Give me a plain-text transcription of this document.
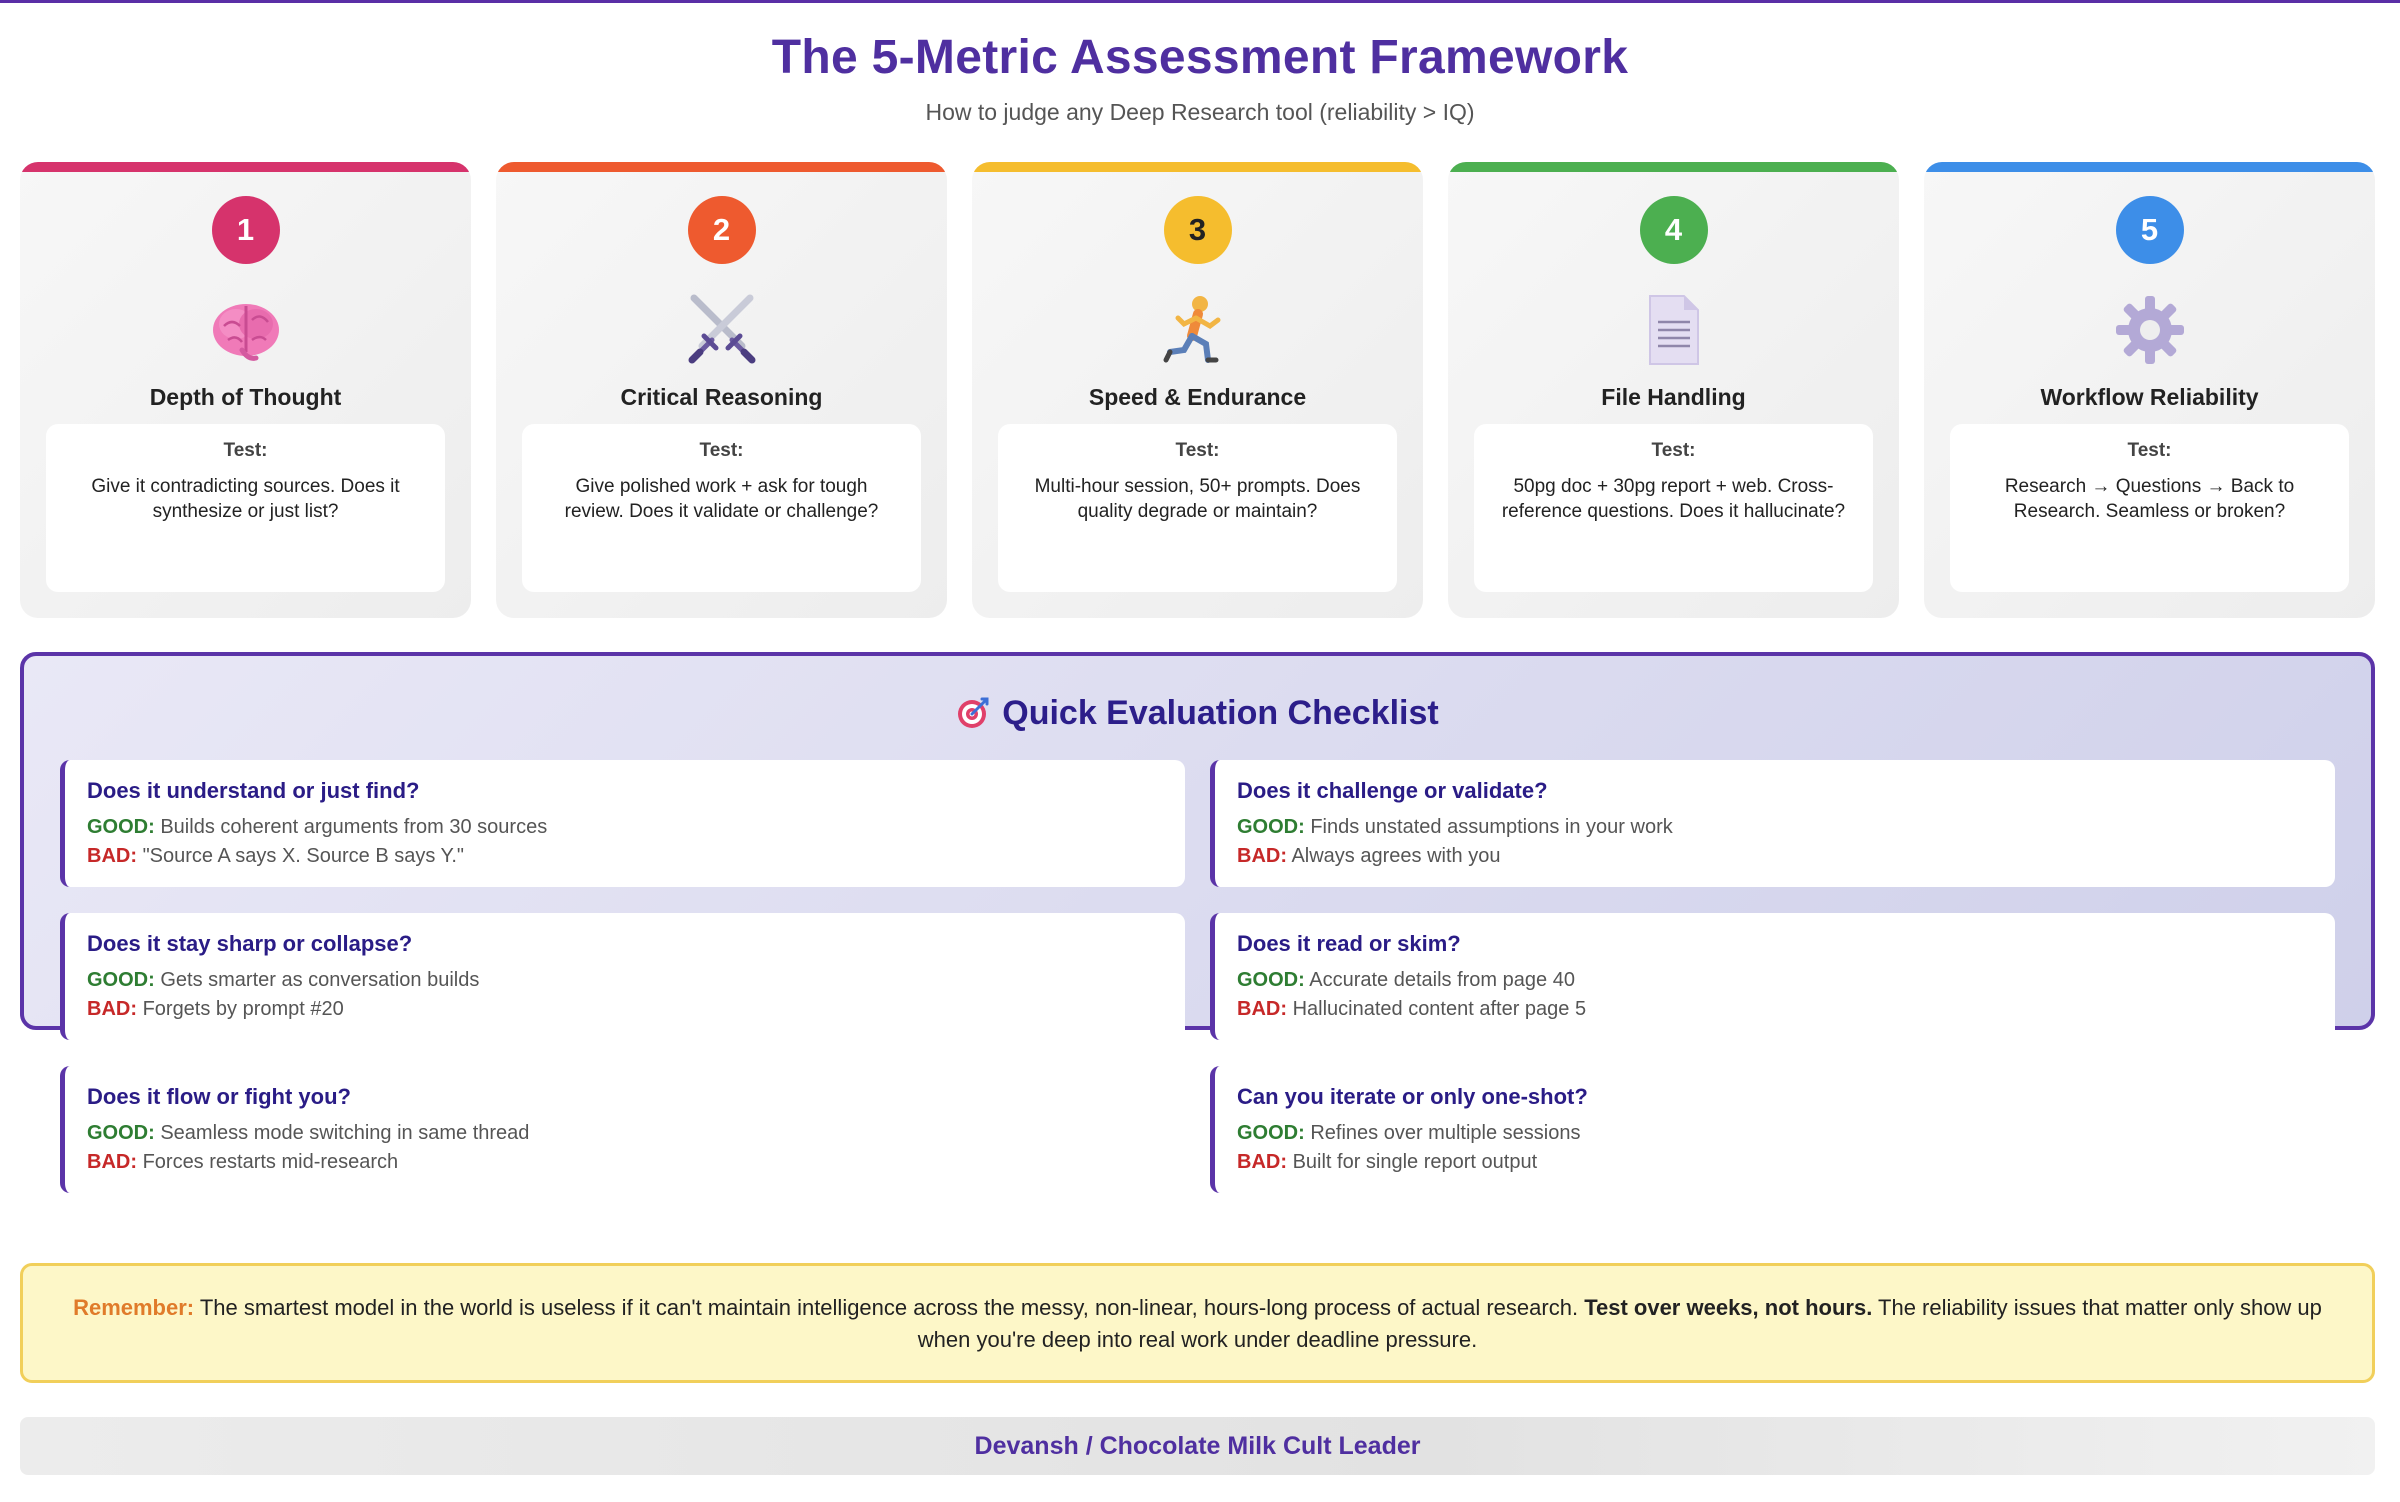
The 5-Metric Assessment Framework
How to judge any Deep Research tool (reliability > IQ)
1
Depth of Thought
Test:
Give it contradicting sources. Does it synthesize or just list?
2
Critical Reasoning
Test:
Give polished work + ask for tough review. Does it validate or challenge?
3
Speed & Endurance
Test:
Multi-hour session, 50+ prompts. Does quality degrade or maintain?
4
File Handling
Test:
50pg doc + 30pg report + web. Cross-reference questions. Does it hallucinate?
5
Workflow Reliability
Test:
Research → Questions → Back to Research. Seamless or broken?
Quick Evaluation Checklist
Does it understand or just find?
GOOD: Builds coherent arguments from 30 sources
BAD: "Source A says X. Source B says Y."
Does it challenge or validate?
GOOD: Finds unstated assumptions in your work
BAD: Always agrees with you
Does it stay sharp or collapse?
GOOD: Gets smarter as conversation builds
BAD: Forgets by prompt #20
Does it read or skim?
GOOD: Accurate details from page 40
BAD: Hallucinated content after page 5
Does it flow or fight you?
GOOD: Seamless mode switching in same thread
BAD: Forces restarts mid-research
Can you iterate or only one-shot?
GOOD: Refines over multiple sessions
BAD: Built for single report output
Remember: The smartest model in the world is useless if it can't maintain intelligence across the messy, non-linear, hours-long process of actual research. Test over weeks, not hours. The reliability issues that matter only show up when you're deep into real work under deadline pressure.
Devansh / Chocolate Milk Cult Leader
